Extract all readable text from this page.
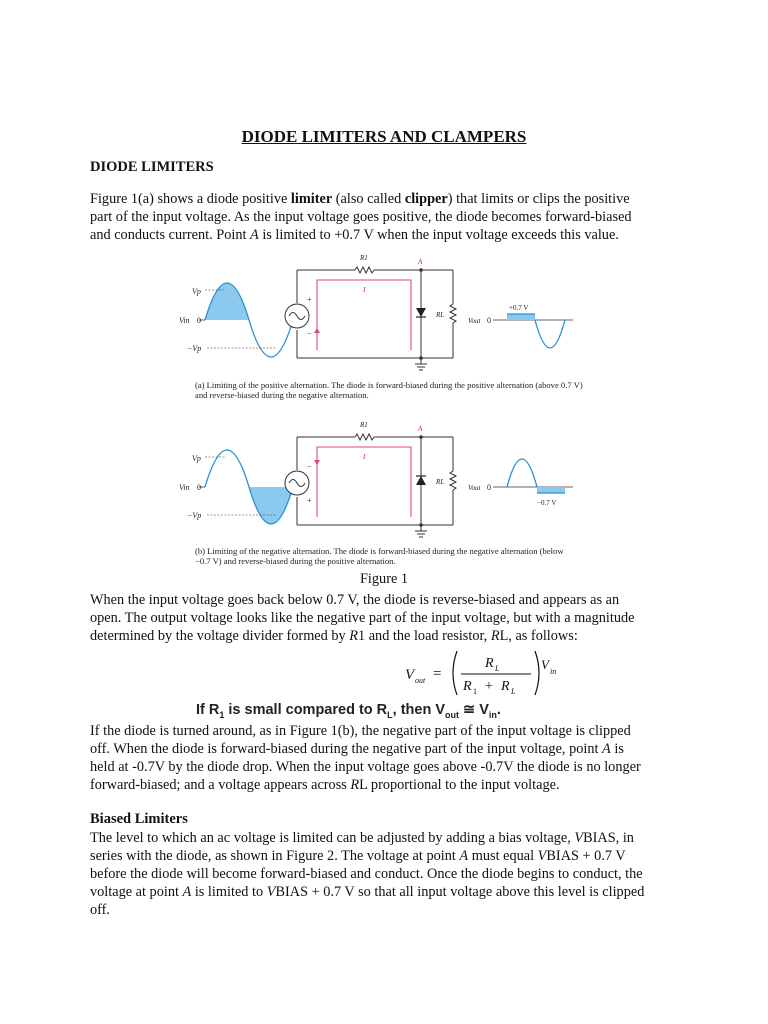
DIODE LIMITERS AND CLAMPERS
DIODE LIMITERS
Figure 1(a) shows a diode positive limiter (also called clipper) that limits or clips the positive
part of the input voltage. As the input voltage goes positive, the diode becomes forward-biased
and conducts current. Point A is limited to +0.7 V when the input voltage exceeds this value.
Vp
Vin 0
−Vp
+
−
R1	A
RL
I
Vout 0
+0.7 V
(a) Limiting of the positive alternation. The diode is forward-biased during the positive alternation (above 0.7 V)
and reverse-biased during the negative alternation.
Vp
Vin 0
−Vp
−
+
R1	A
RL
I
Vout 0
−0.7 V
(b) Limiting of the negative alternation. The diode is forward-biased during the negative alternation (below
−0.7 V) and reverse-biased during the positive alternation.
Figure 1
When the input voltage goes back below 0.7 V, the diode is reverse-biased and appears as an
open. The output voltage looks like the negative part of the input voltage, but with a magnitude
determined by the voltage divider formed by R1 and the load resistor, RL, as follows:
V out =
R L
R 1 + R L
V in
If $R_1$ is small compared to $R_L$, then $V_{out}$ ≅ $V_{in}$.
If the diode is turned around, as in Figure 1(b), the negative part of the input voltage is clipped
off. When the diode is forward-biased during the negative part of the input voltage, point A is
held at -0.7V by the diode drop. When the input voltage goes above -0.7V the diode is no longer
forward-biased; and a voltage appears across RL proportional to the input voltage.
Biased Limiters
The level to which an ac voltage is limited can be adjusted by adding a bias voltage, VBIAS, in
series with the diode, as shown in Figure 2. The voltage at point A must equal VBIAS + 0.7 V
before the diode will become forward-biased and conduct. Once the diode begins to conduct, the
voltage at point A is limited to VBIAS + 0.7 V so that all input voltage above this level is clipped
off.
